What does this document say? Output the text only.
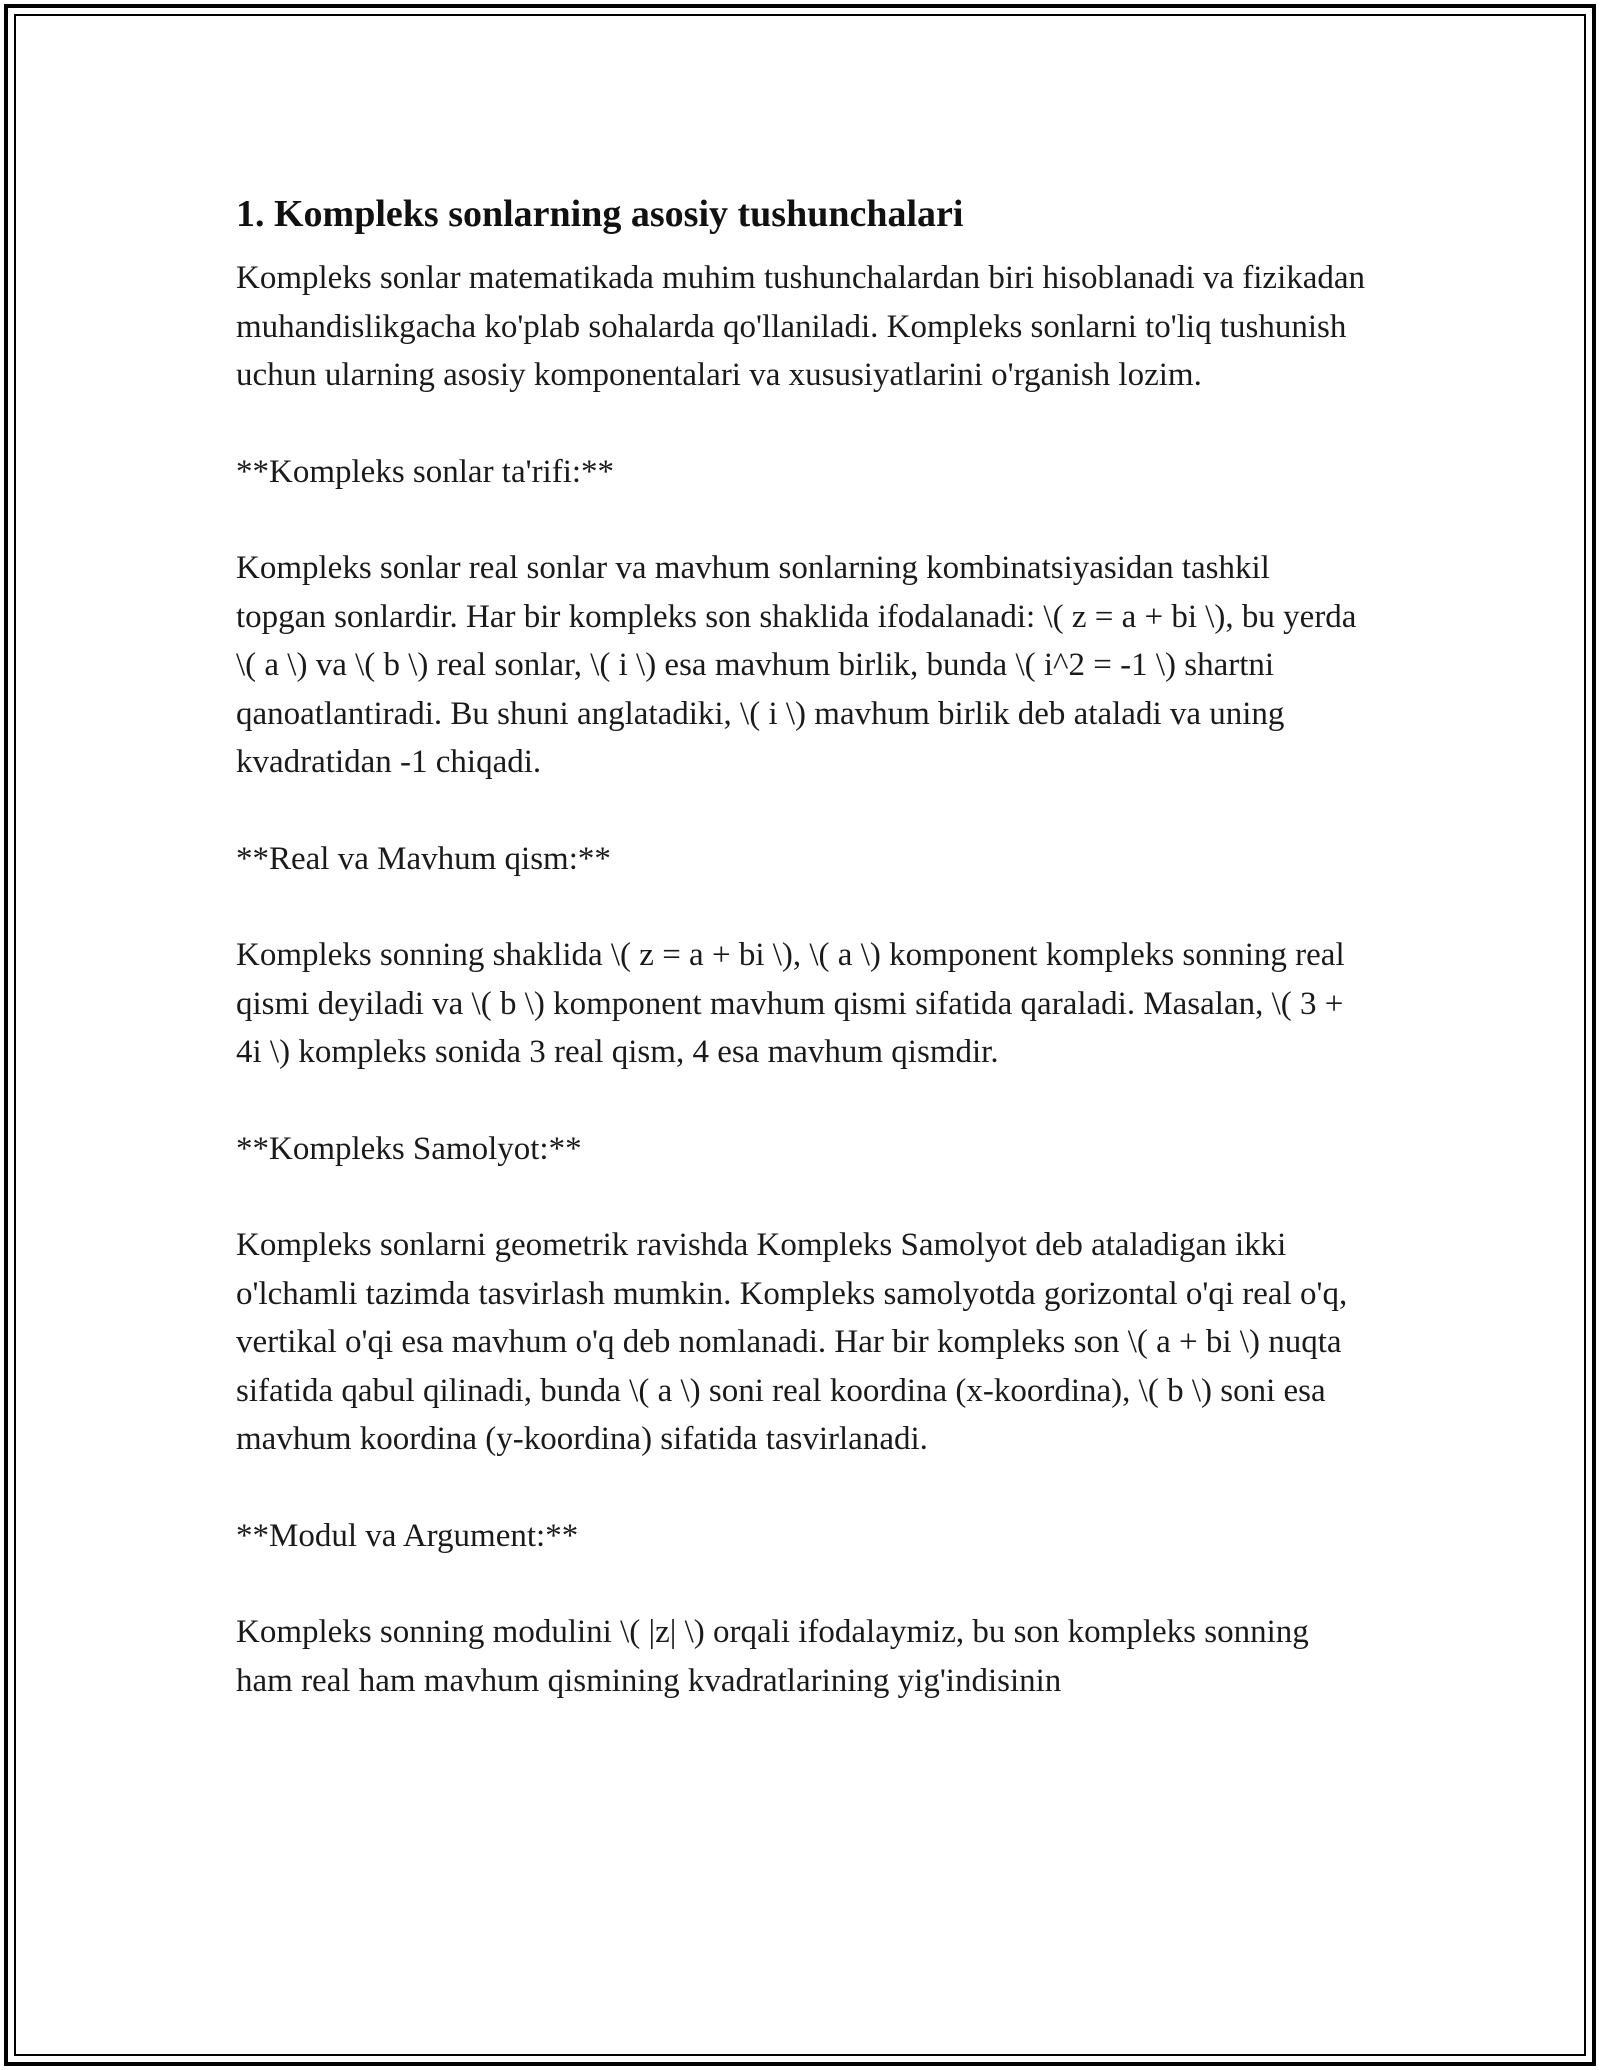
1. Kompleks sonlarning asosiy tushunchalari

Kompleks sonlar matematikada muhim tushunchalardan biri hisoblanadi va fizikadan muhandislikgacha ko'plab sohalarda qo'llaniladi. Kompleks sonlarni to'liq tushunish uchun ularning asosiy komponentalari va xususiyatlarini o'rganish lozim.

**Kompleks sonlar ta'rifi:**

Kompleks sonlar real sonlar va mavhum sonlarning kombinatsiyasidan tashkil topgan sonlardir. Har bir kompleks son shaklida ifodalanadi: \( z = a + bi \), bu yerda \( a \) va \( b \) real sonlar, \( i \) esa mavhum birlik, bunda \( i^2 = -1 \) shartni qanoatlantiradi. Bu shuni anglatadiki, \( i \) mavhum birlik deb ataladi va uning kvadratidan -1 chiqadi.

**Real va Mavhum qism:**

Kompleks sonning shaklida \( z = a + bi \), \( a \) komponent kompleks sonning real qismi deyiladi va \( b \) komponent mavhum qismi sifatida qaraladi. Masalan, \( 3 + 4i \) kompleks sonida 3 real qism, 4 esa mavhum qismdir.

**Kompleks Samolyot:**

Kompleks sonlarni geometrik ravishda Kompleks Samolyot deb ataladigan ikki o'lchamli tazimda tasvirlash mumkin. Kompleks samolyotda gorizontal o'qi real o'q, vertikal o'qi esa mavhum o'q deb nomlanadi. Har bir kompleks son \( a + bi \) nuqta sifatida qabul qilinadi, bunda \( a \) soni real koordina (x-koordina), \( b \) soni esa mavhum koordina (y-koordina) sifatida tasvirlanadi.

**Modul va Argument:**

Kompleks sonning modulini \( |z| \) orqali ifodalaymiz, bu son kompleks sonning ham real ham mavhum qismining kvadratlarining yig'indisinin
